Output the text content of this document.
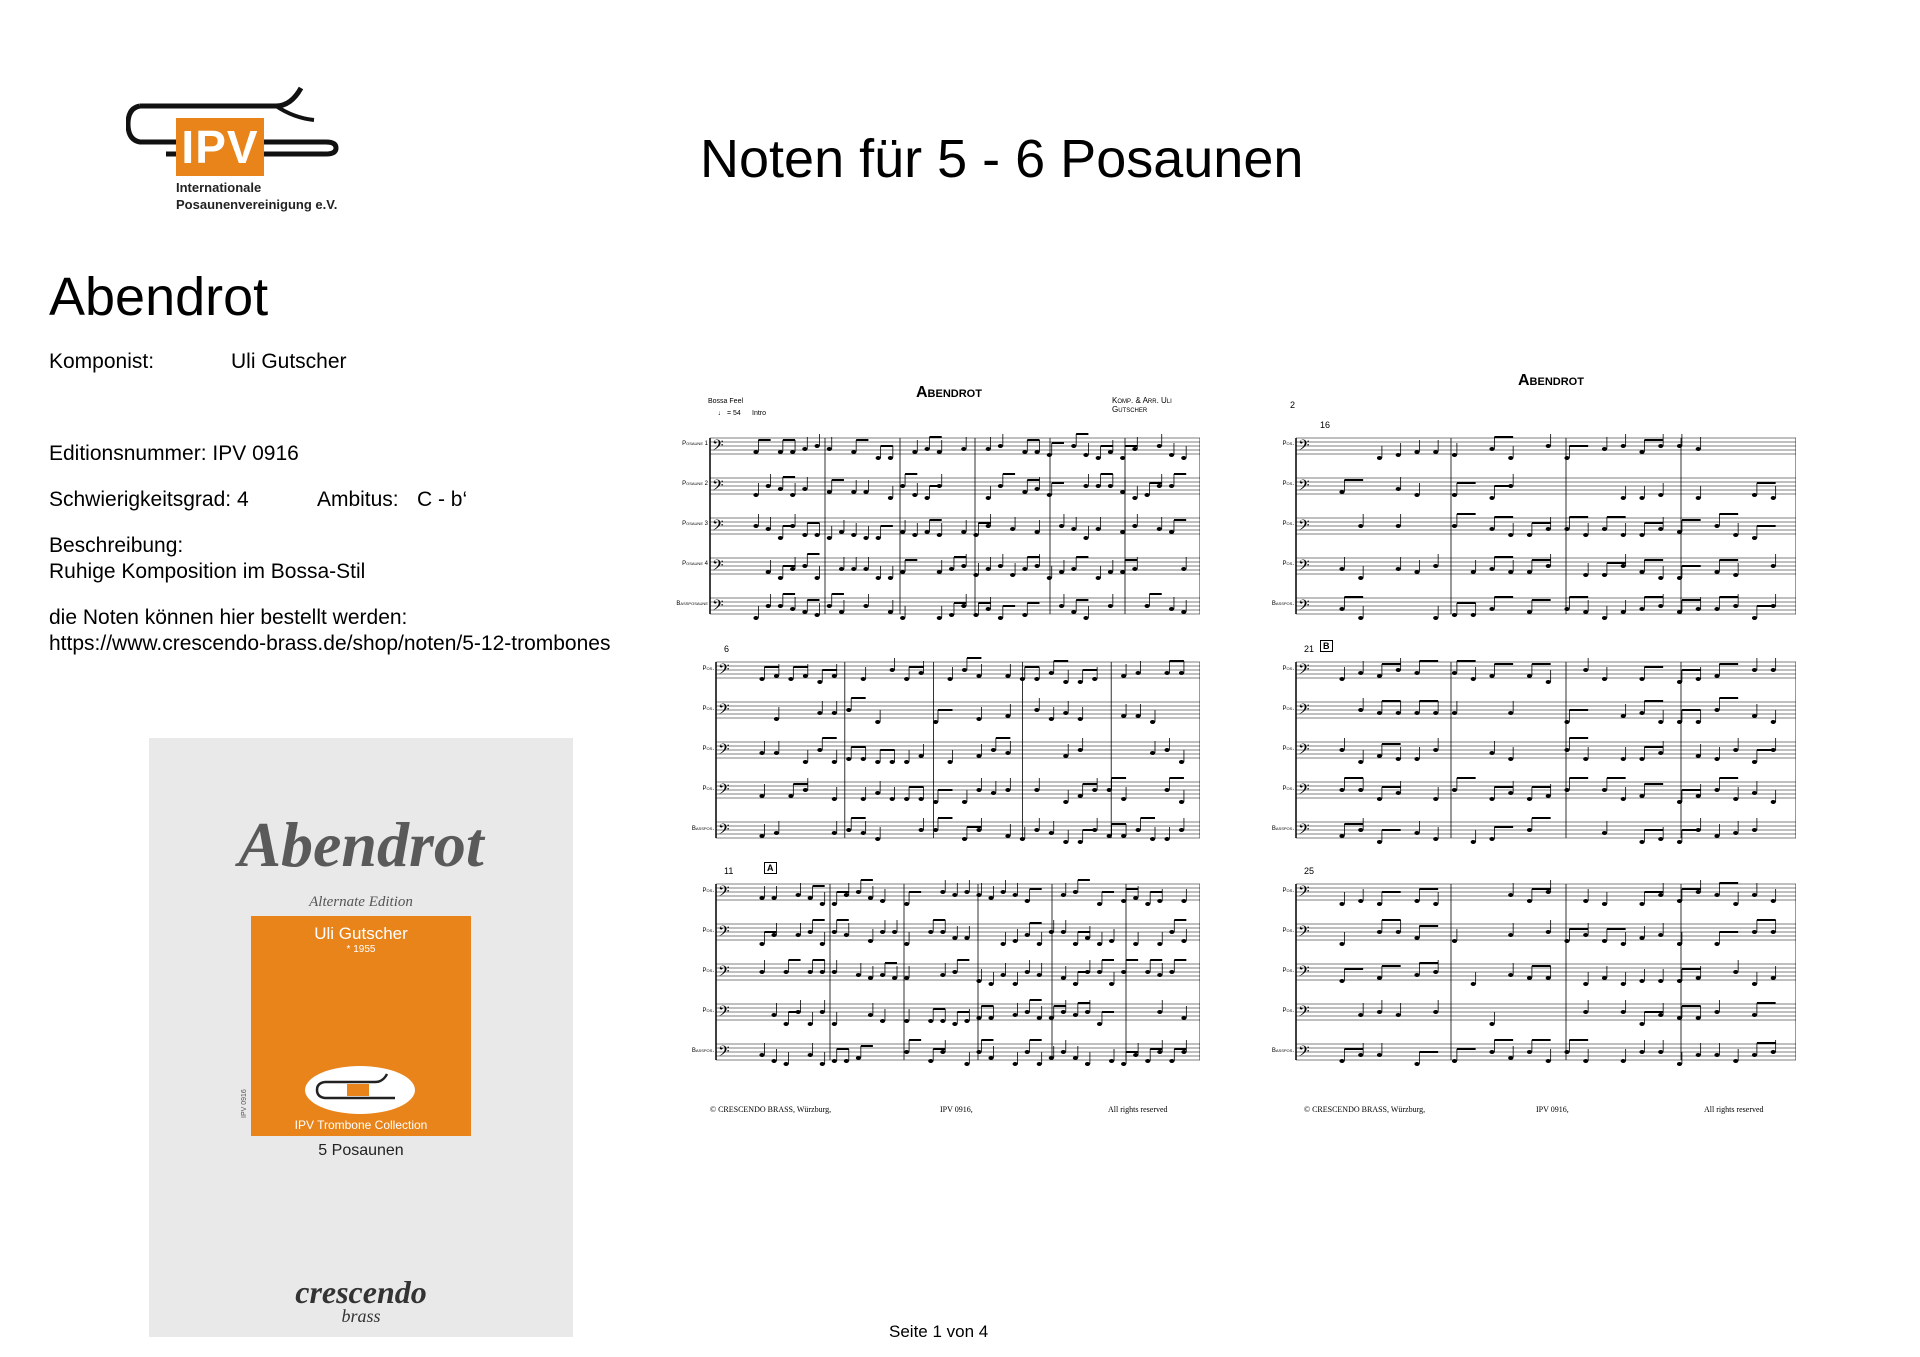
IPV
Internationale
Posaunenvereinigung e.V.
Noten für 5 - 6 Posaunen
Abendrot
Komponist:	Uli Gutscher
Editionsnummer: IPV 0916
Schwierigkeitsgrad: 4	Ambitus: C - b‘
Beschreibung:
Ruhige Komposition im Bossa-Stil
die Noten können hier bestellt werden:
https://www.crescendo-brass.de/shop/noten/5-12-trombones
Abendrot
Alternate Edition
Uli Gutscher
* 1955
IPV Trombone Collection
IPV 0916
5 Posaunen
crescendo
brass
𝄢
𝄢
𝄢
𝄢
𝄢
𝄢
𝄢
𝄢
𝄢
𝄢
𝄢
𝄢
𝄢
𝄢
𝄢
Abendrot	Komp. & Arr. Uli Gutscher
Bossa Feel
♩ = 54 Intro
Posaune 1
Posaune 2
Posaune 3
Posaune 4
Bassposaune
Pos.
Pos.
Pos.
Pos.
Basspos.
6
Pos.
Pos.
Pos.
Pos.
Basspos.
11	A
© CRESCENDO BRASS, Würzburg,	IPV 0916,	All rights reserved
𝄢
𝄢
𝄢
𝄢
𝄢
𝄢
𝄢
𝄢
𝄢
𝄢
𝄢
𝄢
𝄢
𝄢
𝄢
Abendrot
2
Pos.
Pos.
Pos.
Pos.
Basspos.
16
Pos.
Pos.
Pos.
Pos.
Basspos.
21 B
Pos.
Pos.
Pos.
Pos.
Basspos.
25
© CRESCENDO BRASS, Würzburg,	IPV 0916,	All rights reserved
Seite 1 von 4
